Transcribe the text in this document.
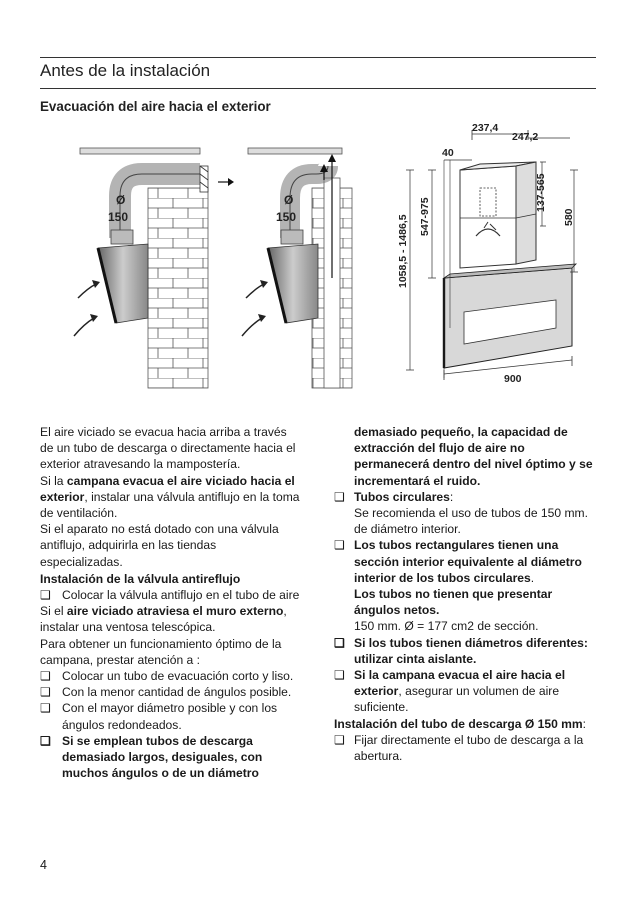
Antes de la instalación
Evacuación del aire hacia el exterior
Ø
150
Ø
150
237,4
247,2
40
137-565
580
547-975
1058,5 - 1486,5
900

El aire viciado se evacua hacia arriba a través de un tubo de descarga o directamente hacia el exterior atravesando la mampostería.

Si la campana evacua el aire viciado hacia el exterior, instalar una válvula antiflujo en la toma de ventilación.

Si el aparato no está dotado con una válvula antiflujo, adquirirla en las tiendas especializadas.

Instalación de la válvula antireflujo

❑ Colocar la válvula antiflujo en el tubo de aire

Si el aire viciado atraviesa el muro externo, instalar una ventosa telescópica.

Para obtener un funcionamiento óptimo de la campana, prestar atención a :

❑ Colocar un tubo de evacuación corto y liso.

❑ Con la menor cantidad de ángulos posible.

❑ Con el mayor diámetro posible y con los ángulos redondeados.

❑ Si se emplean tubos de descarga demasiado largos, desiguales, con muchos ángulos o de un diámetro

demasiado pequeño, la capacidad de extracción del flujo de aire no permanecerá dentro del nivel óptimo y se incrementará el ruido.

❑ Tubos circulares:

Se recomienda el uso de tubos de 150 mm. de diámetro interior.

❑ Los tubos rectangulares tienen una sección interior equivalente al diámetro interior de los tubos circulares.

Los tubos no tienen que presentar ángulos netos.

150 mm. Ø = 177 cm2 de sección.

❑ Si los tubos tienen diámetros diferentes: utilizar cinta aislante.

❑ Si la campana evacua el aire hacia el exterior, asegurar un volumen de aire suficiente.

Instalación del tubo de descarga Ø 150 mm:

❑ Fijar directamente el tubo de descarga a la abertura.

4
